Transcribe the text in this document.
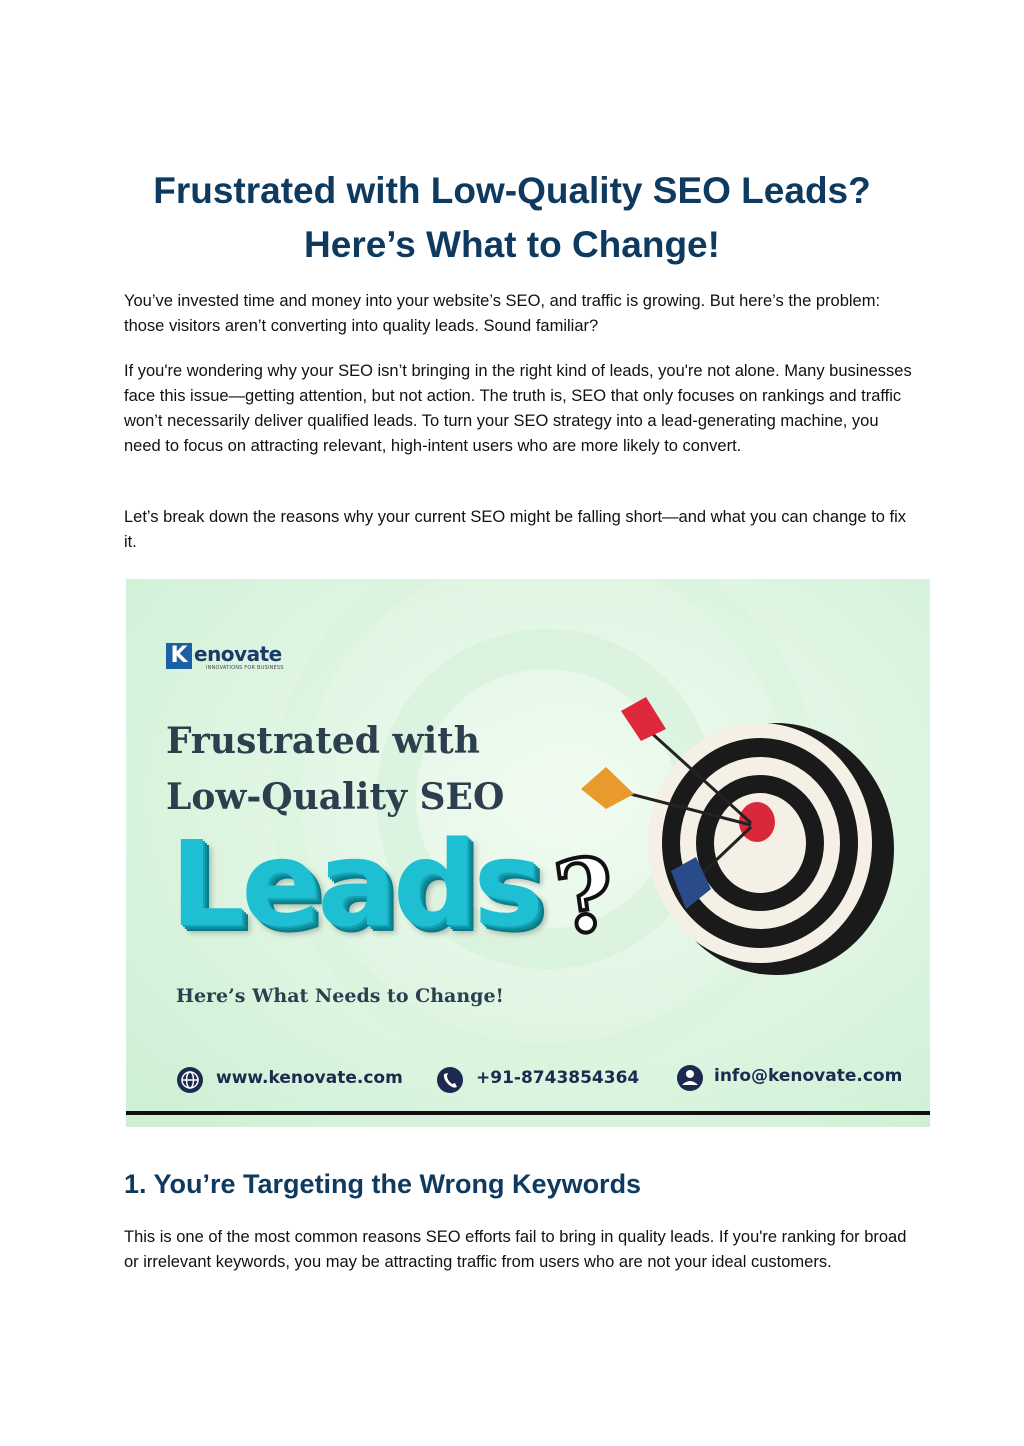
Frustrated with Low-Quality SEO Leads?
Here’s What to Change!

You’ve invested time and money into your website’s SEO, and traffic is growing. But here’s the problem: those visitors aren’t converting into quality leads. Sound familiar?

If you're wondering why your SEO isn’t bringing in the right kind of leads, you're not alone. Many businesses face this issue—getting attention, but not action. The truth is, SEO that only focuses on rankings and traffic won’t necessarily deliver qualified leads. To turn your SEO strategy into a lead-generating machine, you need to focus on attracting relevant, high-intent users who are more likely to convert.

Let’s break down the reasons why your current SEO might be falling short—and what you can change to fix it.

K enovate
INNOVATIONS FOR BUSINESS

Frustrated with

Low-Quality SEO

Leads ?

Here’s What Needs to Change!

www.kenovate.com	+91-8743854364	info@kenovate.com
1. You’re Targeting the Wrong Keywords

This is one of the most common reasons SEO efforts fail to bring in quality leads. If you're ranking for broad or irrelevant keywords, you may be attracting traffic from users who are not your ideal customers.
